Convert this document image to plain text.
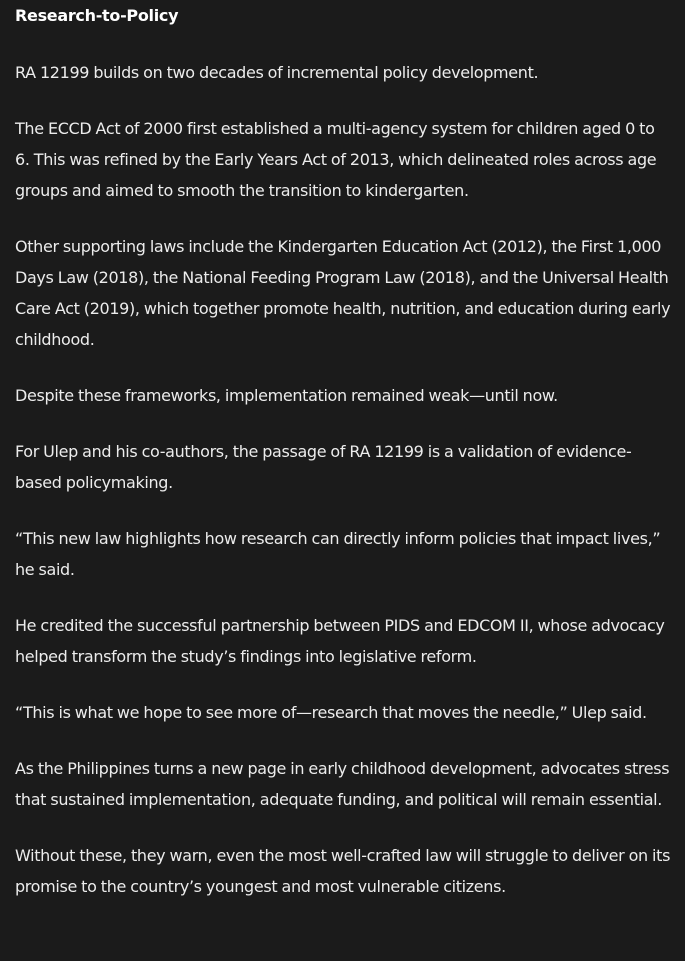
Research-to-Policy

RA 12199 builds on two decades of incremental policy development.

The ECCD Act of 2000 first established a multi-agency system for children aged 0 to 6. This was refined by the Early Years Act of 2013, which delineated roles across age groups and aimed to smooth the transition to kindergarten.

Other supporting laws include the Kindergarten Education Act (2012), the First 1,000 Days Law (2018), the National Feeding Program Law (2018), and the Universal Health Care Act (2019), which together promote health, nutrition, and education during early childhood.

Despite these frameworks, implementation remained weak—until now.

For Ulep and his co-authors, the passage of RA 12199 is a validation of evidence-based policymaking.

“This new law highlights how research can directly inform policies that impact lives,” he said.

He credited the successful partnership between PIDS and EDCOM II, whose advocacy helped transform the study’s findings into legislative reform.

“This is what we hope to see more of—research that moves the needle,” Ulep said.

As the Philippines turns a new page in early childhood development, advocates stress that sustained implementation, adequate funding, and political will remain essential.

Without these, they warn, even the most well-crafted law will struggle to deliver on its promise to the country’s youngest and most vulnerable citizens.
